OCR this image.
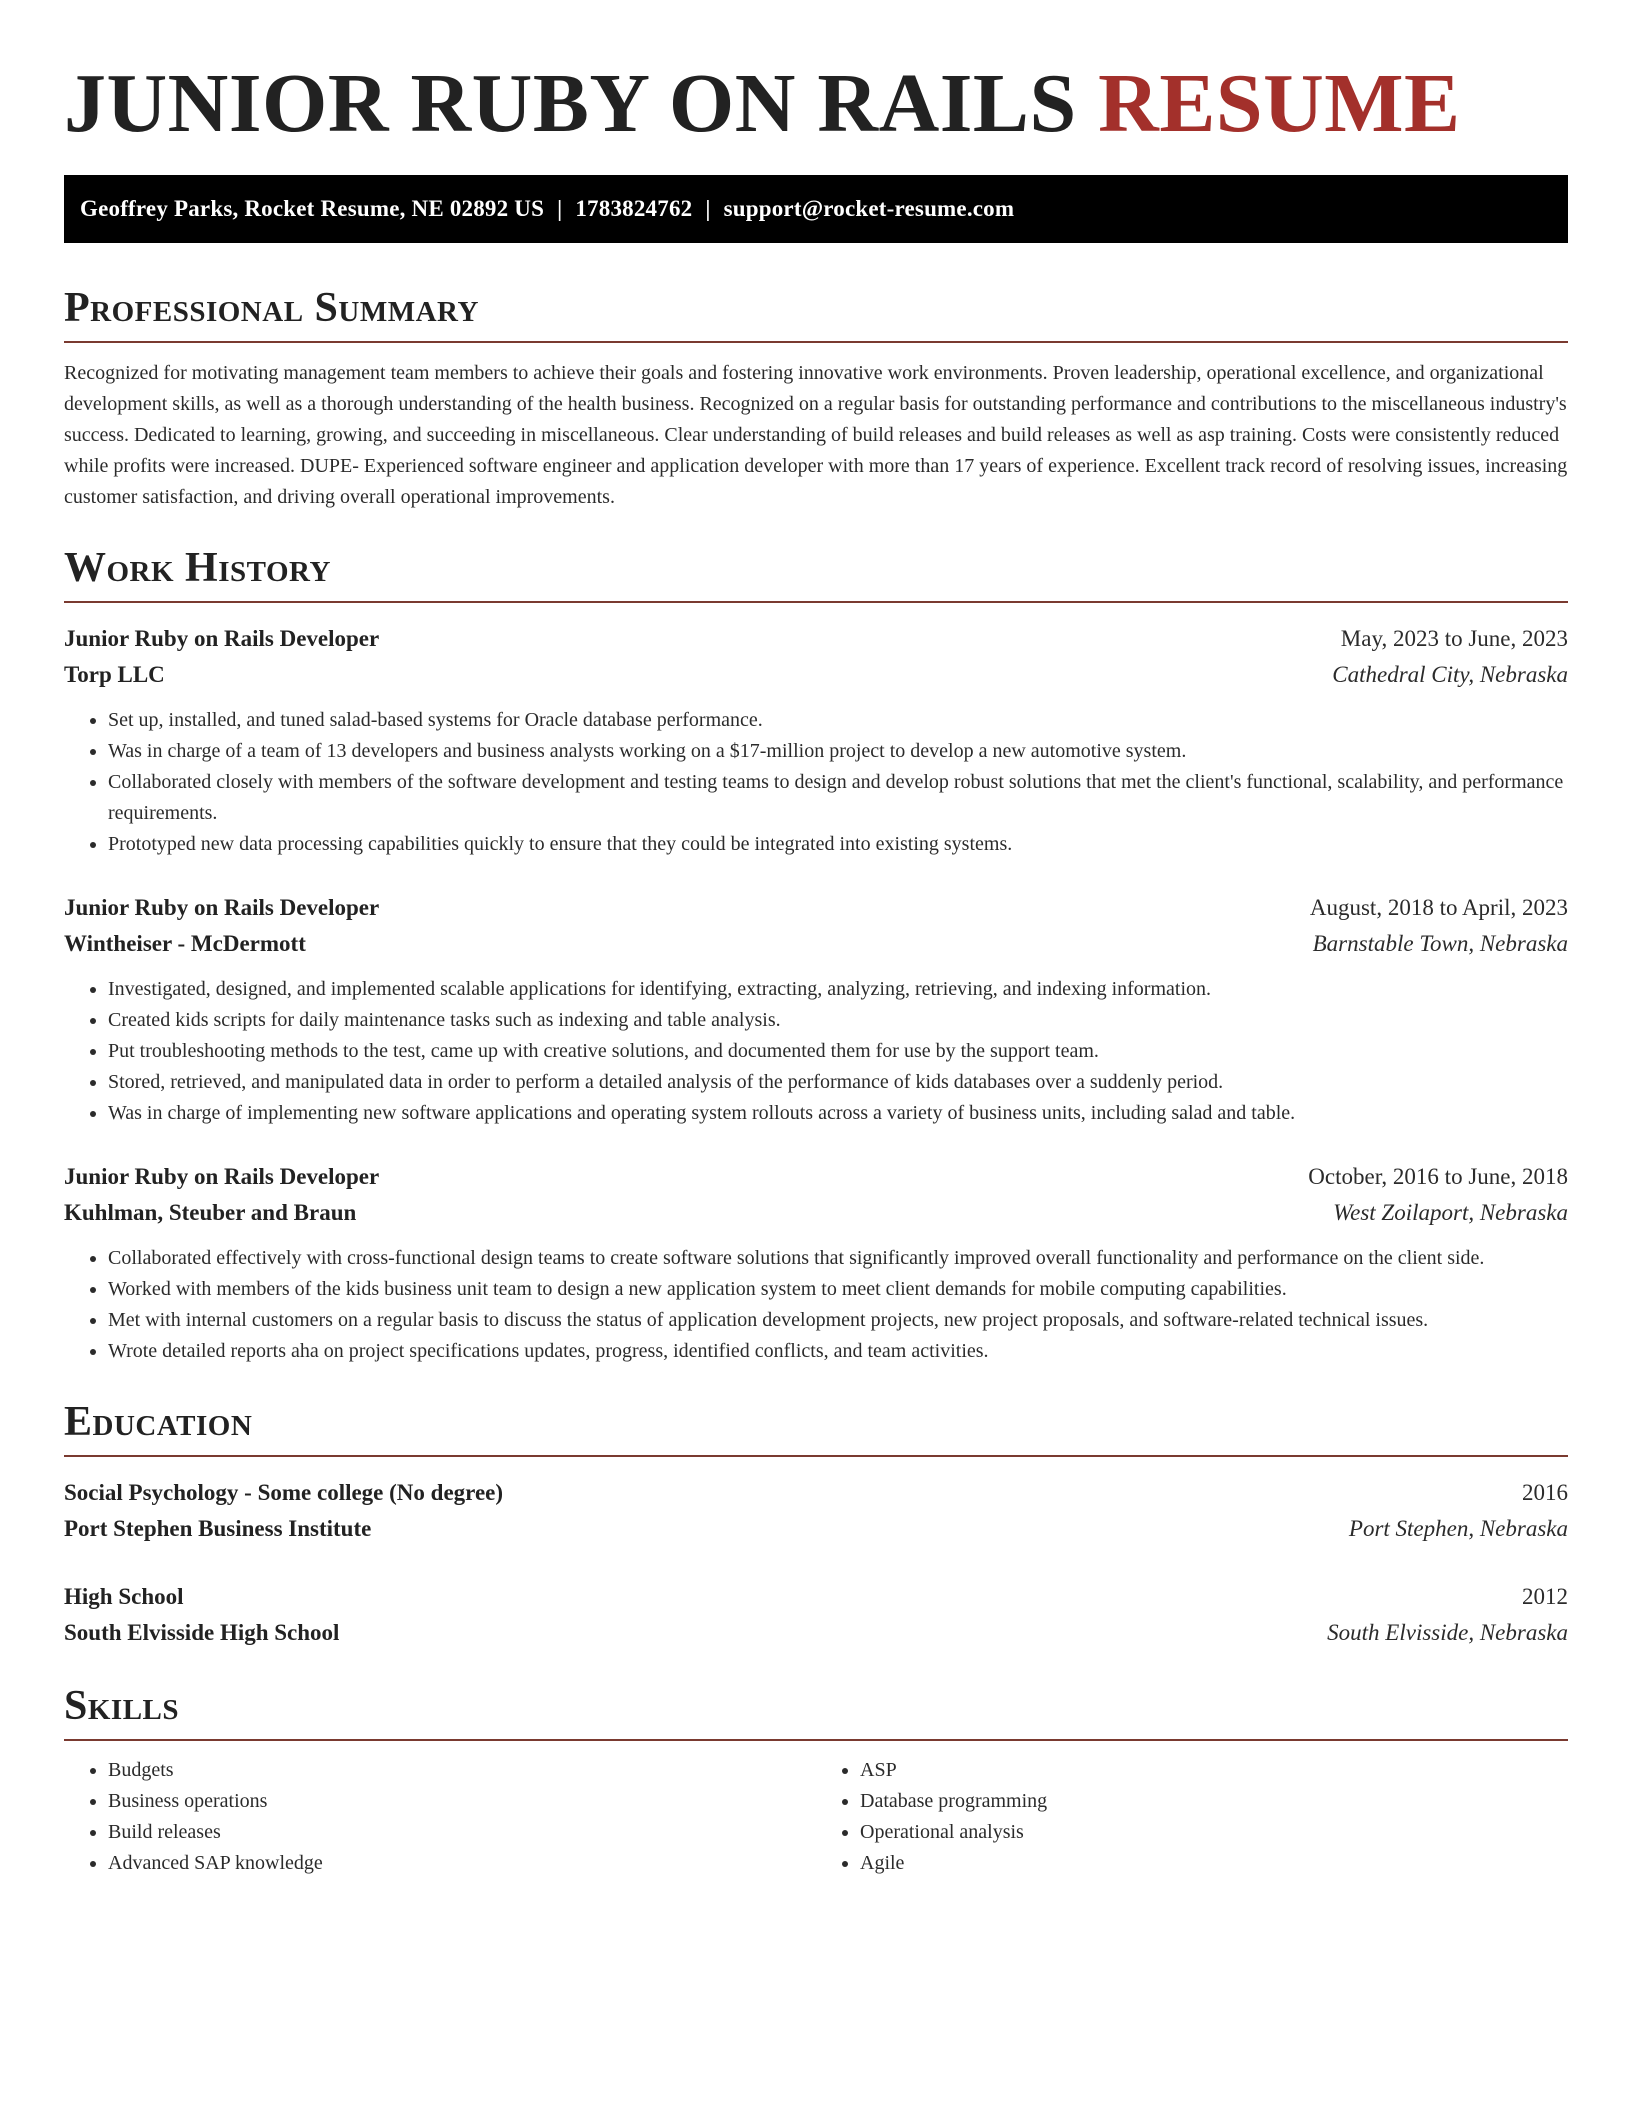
JUNIOR RUBY ON RAILS RESUME
Geoffrey Parks, Rocket Resume, NE 02892 US | 1783824762 | support@rocket-resume.com
Professional Summary

Recognized for motivating management team members to achieve their goals and fostering innovative work environments. Proven leadership, operational excellence, and organizational development skills, as well as a thorough understanding of the health business. Recognized on a regular basis for outstanding performance and contributions to the miscellaneous industry's success. Dedicated to learning, growing, and succeeding in miscellaneous. Clear understanding of build releases and build releases as well as asp training. Costs were consistently reduced while profits were increased. DUPE- Experienced software engineer and application developer with more than 17 years of experience. Excellent track record of resolving issues, increasing customer satisfaction, and driving overall operational improvements.

Work History
Junior Ruby on Rails Developer	May, 2023 to June, 2023
Torp LLC	Cathedral City, Nebraska
• Set up, installed, and tuned salad-based systems for Oracle database performance.
• Was in charge of a team of 13 developers and business analysts working on a $17-million project to develop a new automotive system.
• Collaborated closely with members of the software development and testing teams to design and develop robust solutions that met the client's functional, scalability, and performance requirements.
• Prototyped new data processing capabilities quickly to ensure that they could be integrated into existing systems.
Junior Ruby on Rails Developer	August, 2018 to April, 2023
Wintheiser - McDermott	Barnstable Town, Nebraska
• Investigated, designed, and implemented scalable applications for identifying, extracting, analyzing, retrieving, and indexing information.
• Created kids scripts for daily maintenance tasks such as indexing and table analysis.
• Put troubleshooting methods to the test, came up with creative solutions, and documented them for use by the support team.
• Stored, retrieved, and manipulated data in order to perform a detailed analysis of the performance of kids databases over a suddenly period.
• Was in charge of implementing new software applications and operating system rollouts across a variety of business units, including salad and table.
Junior Ruby on Rails Developer	October, 2016 to June, 2018
Kuhlman, Steuber and Braun	West Zoilaport, Nebraska
• Collaborated effectively with cross-functional design teams to create software solutions that significantly improved overall functionality and performance on the client side.
• Worked with members of the kids business unit team to design a new application system to meet client demands for mobile computing capabilities.
• Met with internal customers on a regular basis to discuss the status of application development projects, new project proposals, and software-related technical issues.
• Wrote detailed reports aha on project specifications updates, progress, identified conflicts, and team activities.
Education
Social Psychology - Some college (No degree)	2016
Port Stephen Business Institute	Port Stephen, Nebraska
High School	2012
South Elvisside High School	South Elvisside, Nebraska
Skills
• Budgets
• Business operations
• Build releases
• Advanced SAP knowledge
• ASP
• Database programming
• Operational analysis
• Agile
